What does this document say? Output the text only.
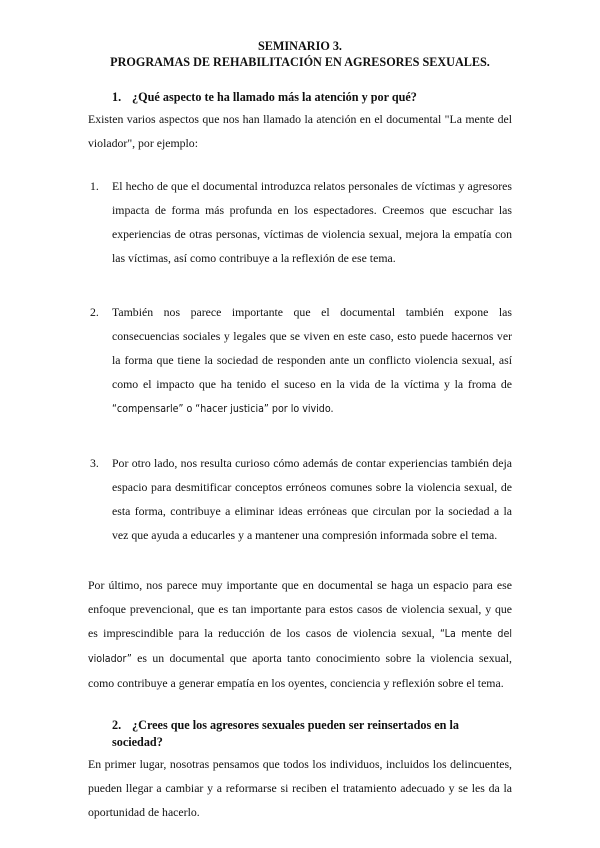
SEMINARIO 3.

PROGRAMAS DE REHABILITACIÓN EN AGRESORES SEXUALES.

1. ¿Qué aspecto te ha llamado más la atención y por qué?

Existen varios aspectos que nos han llamado la atención en el documental "La mente del violador", por ejemplo:

1. El hecho de que el documental introduzca relatos personales de víctimas y agresores impacta de forma más profunda en los espectadores. Creemos que escuchar las experiencias de otras personas, víctimas de violencia sexual, mejora la empatía con las víctimas, así como contribuye a la reflexión de ese tema.
2. También nos parece importante que el documental también expone las consecuencias sociales y legales que se viven en este caso, esto puede hacernos ver la forma que tiene la sociedad de responden ante un conflicto violencia sexual, así como el impacto que ha tenido el suceso en la vida de la víctima y la froma de “compensarle” o “hacer justicia” por lo vivido.
3. Por otro lado, nos resulta curioso cómo además de contar experiencias también deja espacio para desmitificar conceptos erróneos comunes sobre la violencia sexual, de esta forma, contribuye a eliminar ideas erróneas que circulan por la sociedad a la vez que ayuda a educarles y a mantener una compresión informada sobre el tema.

Por último, nos parece muy importante que en documental se haga un espacio para ese enfoque prevencional, que es tan importante para estos casos de violencia sexual, y que es imprescindible para la reducción de los casos de violencia sexual, “La mente del violador” es un documental que aporta tanto conocimiento sobre la violencia sexual, como contribuye a generar empatía en los oyentes, conciencia y reflexión sobre el tema.

2. ¿Crees que los agresores sexuales pueden ser reinsertados en la sociedad?

En primer lugar, nosotras pensamos que todos los individuos, incluidos los delincuentes, pueden llegar a cambiar y a reformarse si reciben el tratamiento adecuado y se les da la oportunidad de hacerlo.
